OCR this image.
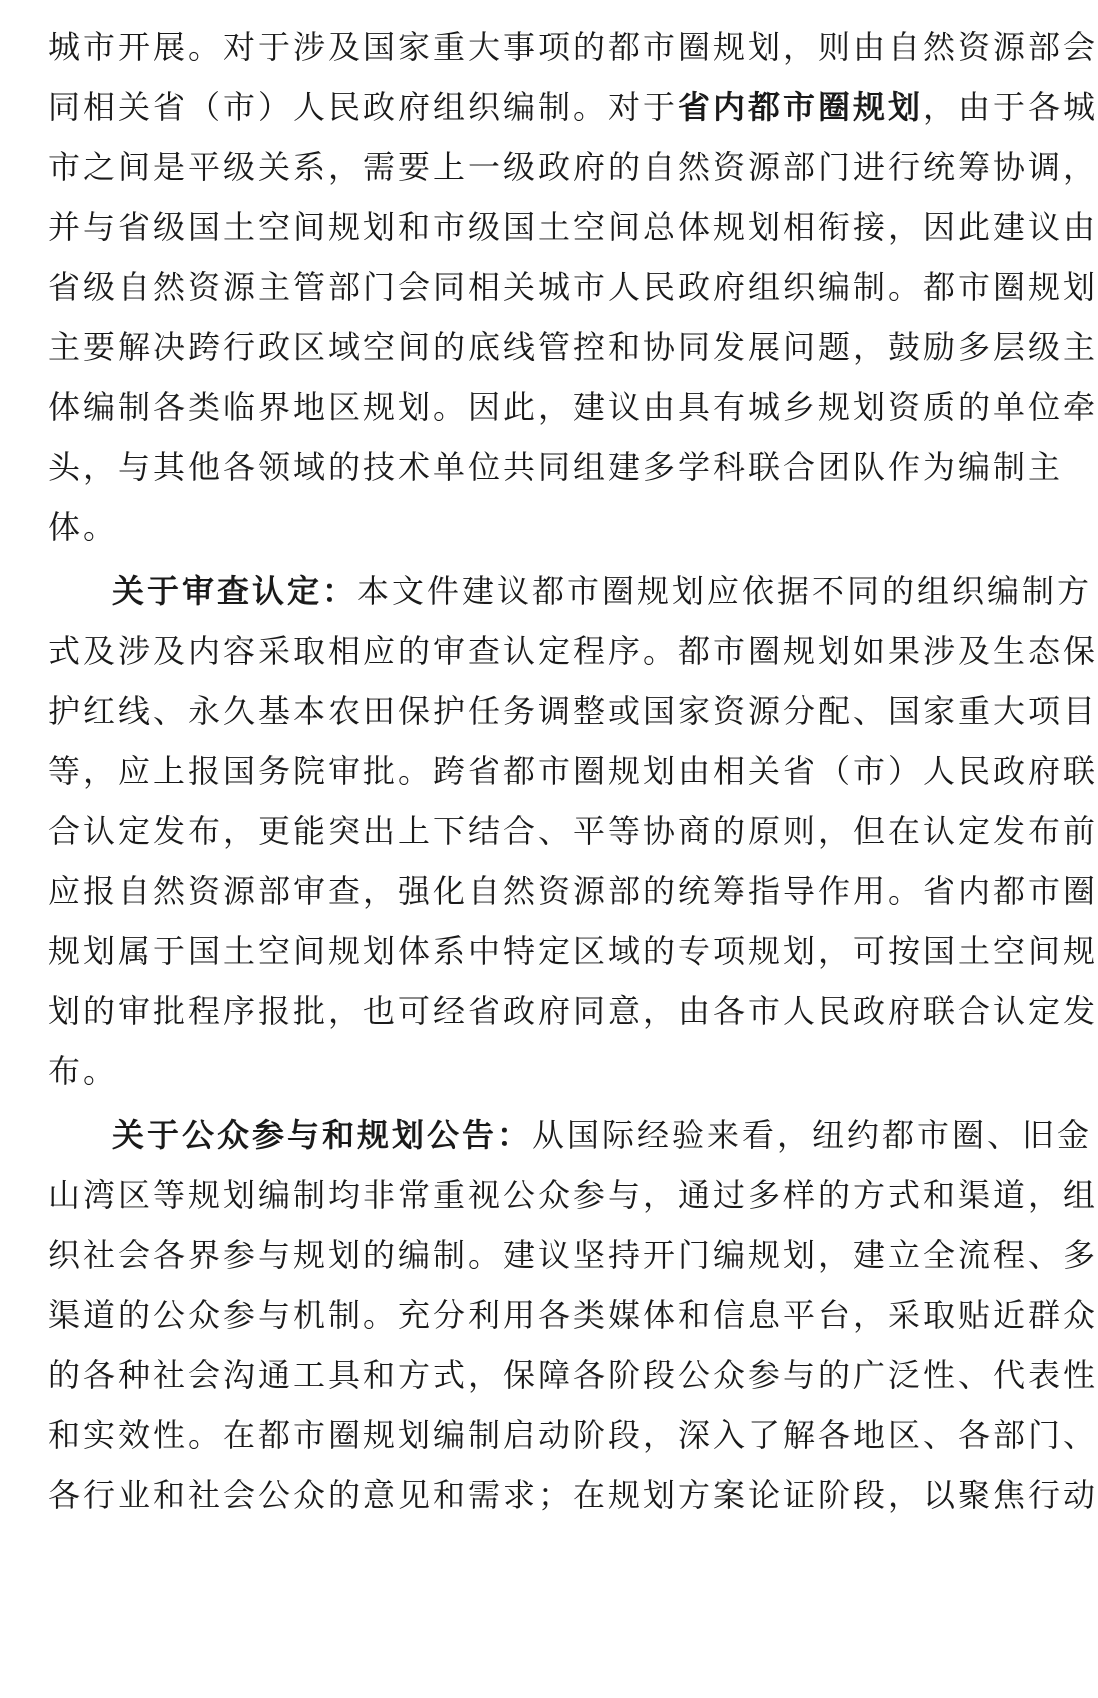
城市开展。对于涉及国家重大事项的都市圈规划，则由自然资源部会
同相关省（市）人民政府组织编制。对于省内都市圈规划，由于各城
市之间是平级关系，需要上一级政府的自然资源部门进行统筹协调，
并与省级国土空间规划和市级国土空间总体规划相衔接，因此建议由
省级自然资源主管部门会同相关城市人民政府组织编制。都市圈规划
主要解决跨行政区域空间的底线管控和协同发展问题，鼓励多层级主
体编制各类临界地区规划。因此，建议由具有城乡规划资质的单位牵
头，与其他各领域的技术单位共同组建多学科联合团队作为编制主
体。
关于审查认定：本文件建议都市圈规划应依据不同的组织编制方
式及涉及内容采取相应的审查认定程序。都市圈规划如果涉及生态保
护红线、永久基本农田保护任务调整或国家资源分配、国家重大项目
等，应上报国务院审批。跨省都市圈规划由相关省（市）人民政府联
合认定发布，更能突出上下结合、平等协商的原则，但在认定发布前
应报自然资源部审查，强化自然资源部的统筹指导作用。省内都市圈
规划属于国土空间规划体系中特定区域的专项规划，可按国土空间规
划的审批程序报批，也可经省政府同意，由各市人民政府联合认定发
布。
关于公众参与和规划公告：从国际经验来看，纽约都市圈、旧金
山湾区等规划编制均非常重视公众参与，通过多样的方式和渠道，组
织社会各界参与规划的编制。建议坚持开门编规划，建立全流程、多
渠道的公众参与机制。充分利用各类媒体和信息平台，采取贴近群众
的各种社会沟通工具和方式，保障各阶段公众参与的广泛性、代表性
和实效性。在都市圈规划编制启动阶段，深入了解各地区、各部门、
各行业和社会公众的意见和需求；在规划方案论证阶段，以聚焦行动
